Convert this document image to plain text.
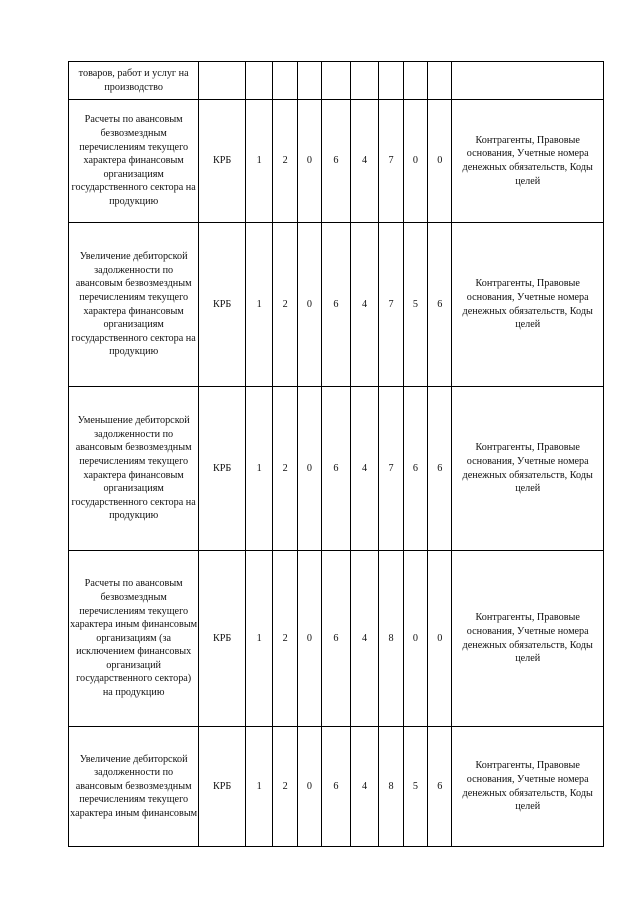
товаров, работ и услуг на производство										
Расчеты по авансовым безвозмездным перечислениям текущего характера финансовым организациям государственного сектора на продукцию	КРБ	1	2	0	6	4	7	0	0	Контрагенты, Правовые основания, Учетные номера денежных обязательств, Коды целей
Увеличение дебиторской задолженности по авансовым безвозмездным перечислениям текущего характера финансовым организациям государственного сектора на продукцию	КРБ	1	2	0	6	4	7	5	6	Контрагенты, Правовые основания, Учетные номера денежных обязательств, Коды целей
Уменьшение дебиторской задолженности по авансовым безвозмездным перечислениям текущего характера финансовым организациям государственного сектора на продукцию	КРБ	1	2	0	6	4	7	6	6	Контрагенты, Правовые основания, Учетные номера денежных обязательств, Коды целей
Расчеты по авансовым безвозмездным перечислениям текущего характера иным финансовым организациям (за исключением финансовых организаций государственного сектора) на продукцию	КРБ	1	2	0	6	4	8	0	0	Контрагенты, Правовые основания, Учетные номера денежных обязательств, Коды целей
Увеличение дебиторской задолженности по авансовым безвозмездным перечислениям текущего характера иным финансовым	КРБ	1	2	0	6	4	8	5	6	Контрагенты, Правовые основания, Учетные номера денежных обязательств, Коды целей
